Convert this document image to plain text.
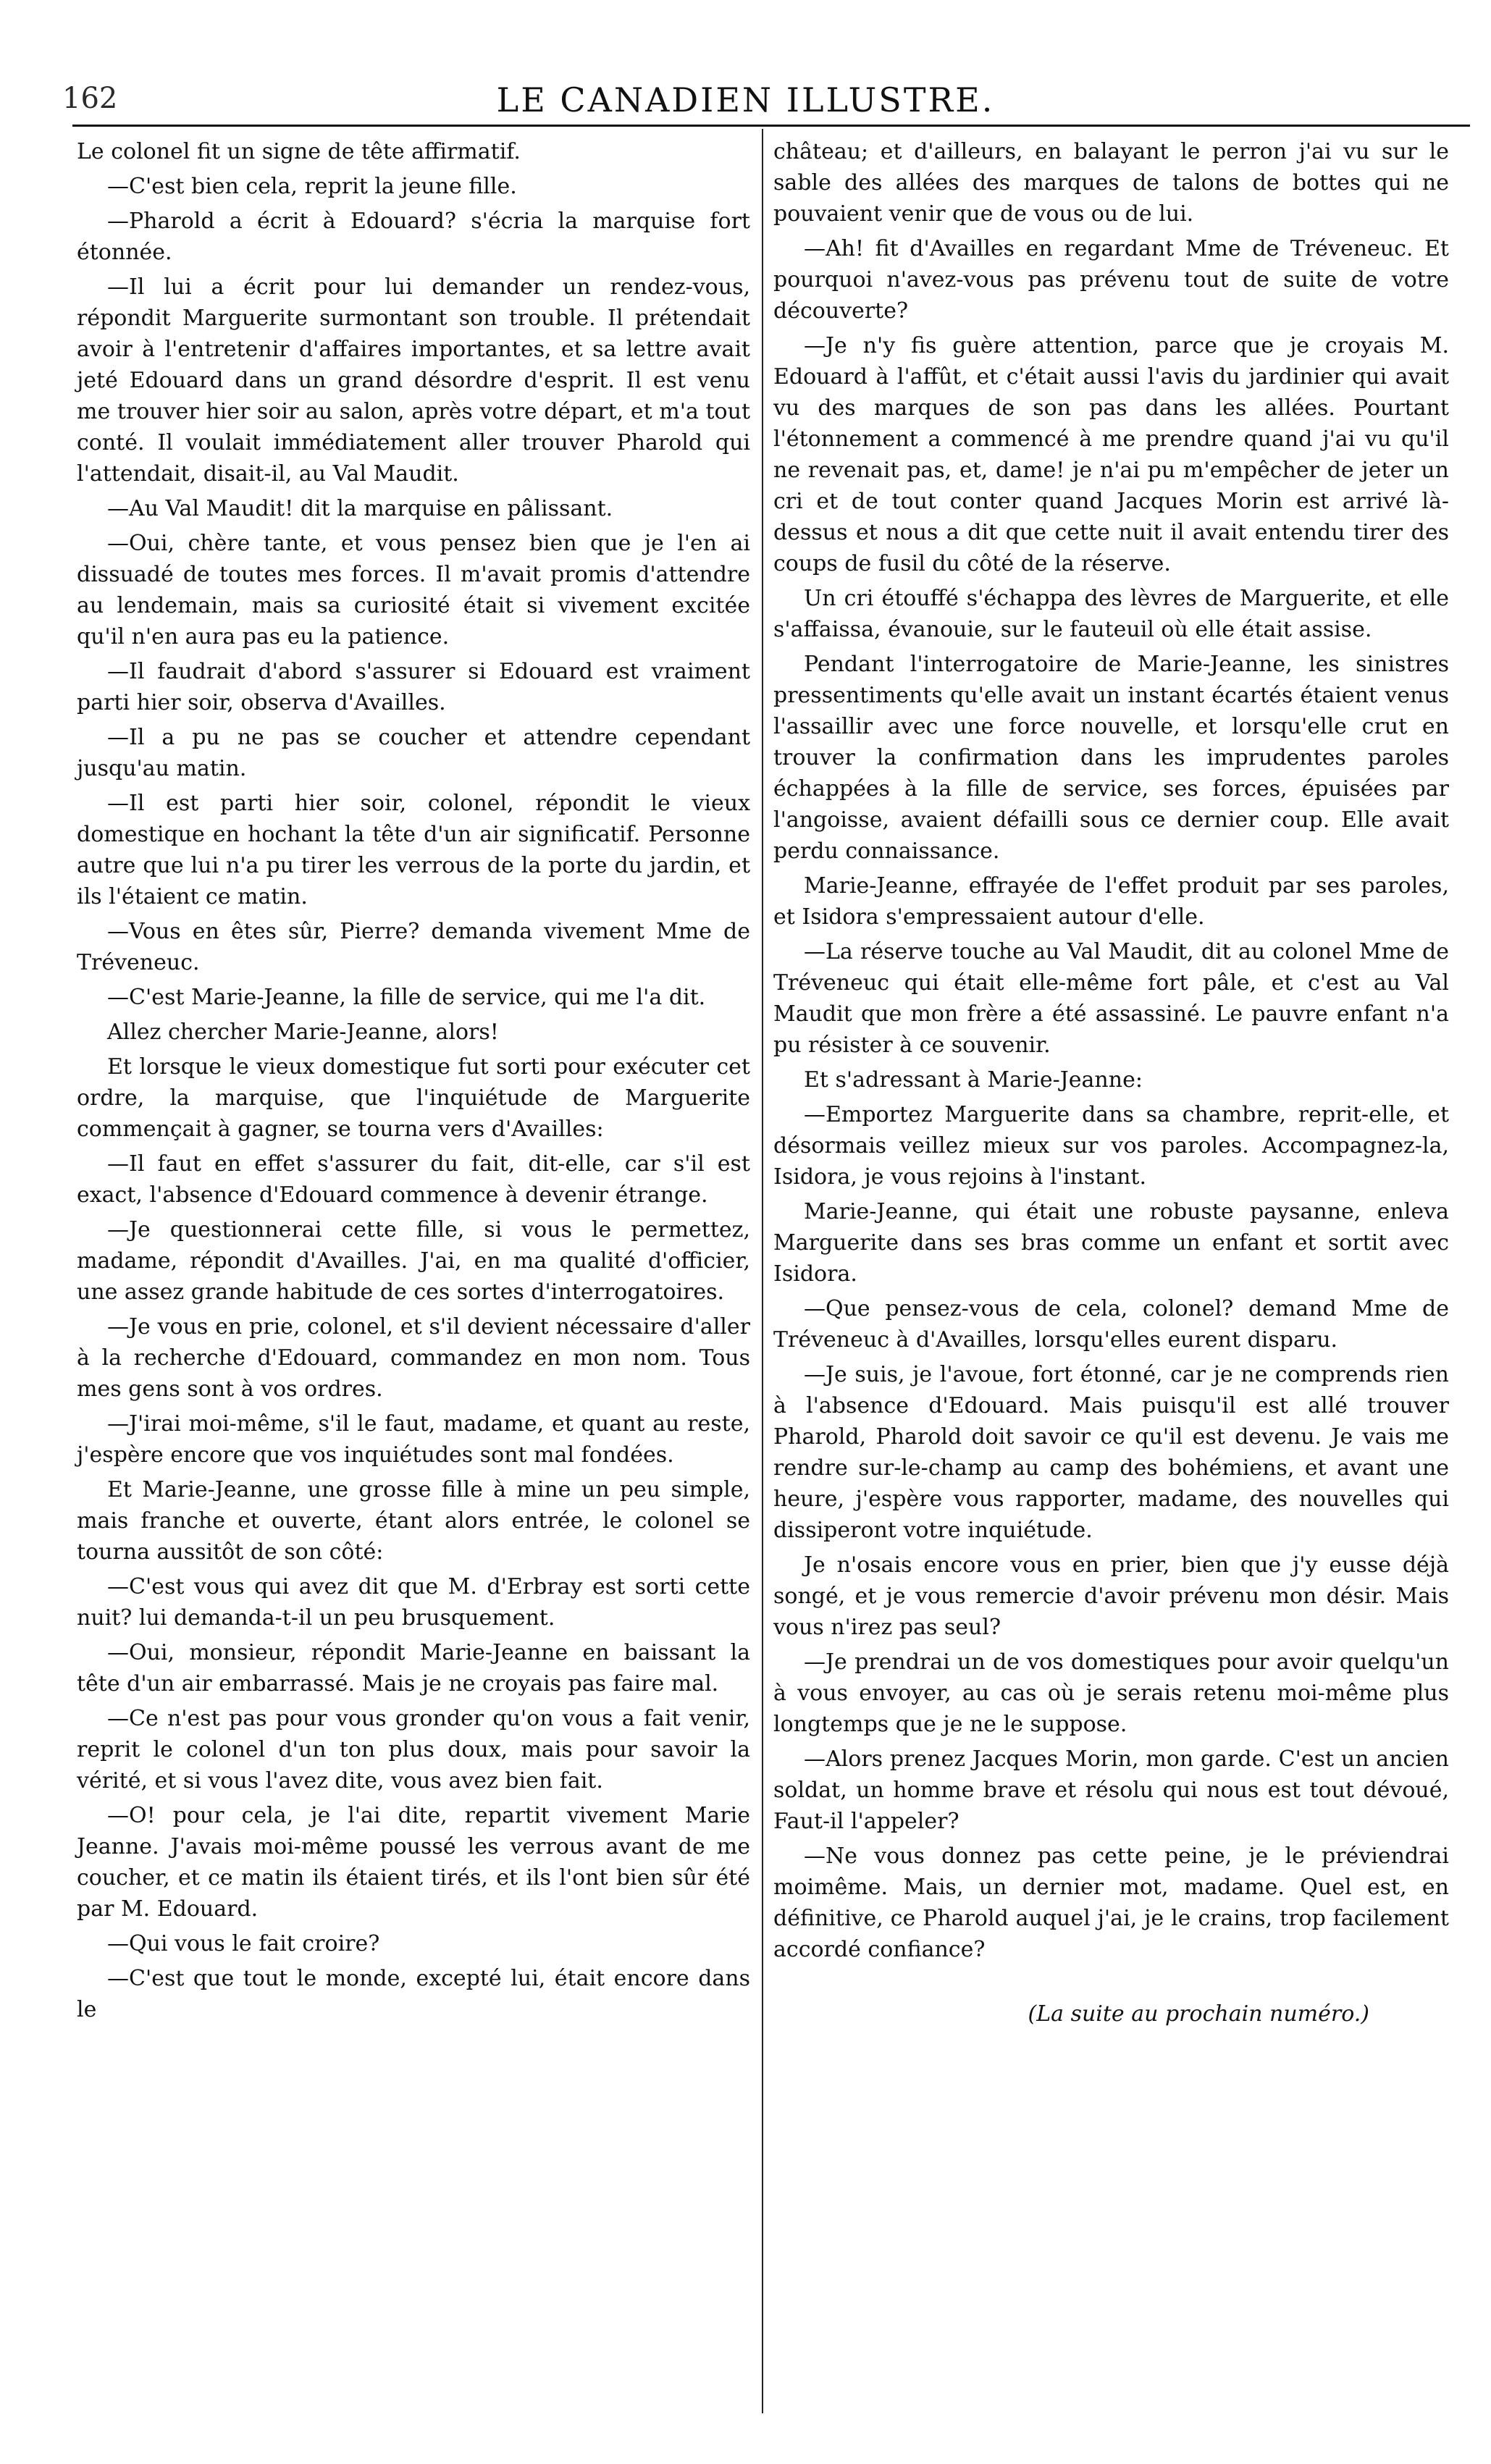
162	LE CANADIEN ILLUSTRE.

Le colonel fit un signe de tête affirmatif.

—C'est bien cela, reprit la jeune fille.

—Pharold a écrit à Edouard? s'écria la marquise fort étonnée.

—Il lui a écrit pour lui demander un rendez-vous, répondit Marguerite surmontant son trouble. Il prétendait avoir à l'entretenir d'affaires importantes, et sa lettre avait jeté Edouard dans un grand désordre d'esprit. Il est venu me trouver hier soir au salon, après votre départ, et m'a tout conté. Il voulait immédiatement aller trouver Pharold qui l'attendait, disait-il, au Val Maudit.

—Au Val Maudit! dit la marquise en pâlissant.

—Oui, chère tante, et vous pensez bien que je l'en ai dissuadé de toutes mes forces. Il m'avait promis d'attendre au lendemain, mais sa curiosité était si vivement excitée qu'il n'en aura pas eu la patience.

—Il faudrait d'abord s'assurer si Edouard est vraiment parti hier soir, observa d'Availles.

—Il a pu ne pas se coucher et attendre cependant jusqu'au matin.

—Il est parti hier soir, colonel, répondit le vieux domestique en hochant la tête d'un air significatif. Personne autre que lui n'a pu tirer les verrous de la porte du jardin, et ils l'étaient ce matin.

—Vous en êtes sûr, Pierre? demanda vivement Mme de Tréveneuc.

—C'est Marie-Jeanne, la fille de service, qui me l'a dit.

Allez chercher Marie-Jeanne, alors!

Et lorsque le vieux domestique fut sorti pour exécuter cet ordre, la marquise, que l'inquiétude de Marguerite commençait à gagner, se tourna vers d'Availles:

—Il faut en effet s'assurer du fait, dit-elle, car s'il est exact, l'absence d'Edouard commence à devenir étrange.

—Je questionnerai cette fille, si vous le permettez, madame, répondit d'Availles. J'ai, en ma qualité d'officier, une assez grande habitude de ces sortes d'interrogatoires.

—Je vous en prie, colonel, et s'il devient nécessaire d'aller à la recherche d'Edouard, commandez en mon nom. Tous mes gens sont à vos ordres.

—J'irai moi-même, s'il le faut, madame, et quant au reste, j'espère encore que vos inquiétudes sont mal fondées.

Et Marie-Jeanne, une grosse fille à mine un peu simple, mais franche et ouverte, étant alors entrée, le colonel se tourna aussitôt de son côté:

—C'est vous qui avez dit que M. d'Erbray est sorti cette nuit? lui demanda-t-il un peu brusquement.

—Oui, monsieur, répondit Marie-Jeanne en baissant la tête d'un air embarrassé. Mais je ne croyais pas faire mal.

—Ce n'est pas pour vous gronder qu'on vous a fait venir, reprit le colonel d'un ton plus doux, mais pour savoir la vérité, et si vous l'avez dite, vous avez bien fait.

—O! pour cela, je l'ai dite, repartit vivement Marie Jeanne. J'avais moi-même poussé les verrous avant de me coucher, et ce matin ils étaient tirés, et ils l'ont bien sûr été par M. Edouard.

—Qui vous le fait croire?

—C'est que tout le monde, excepté lui, était encore dans le

château; et d'ailleurs, en balayant le perron j'ai vu sur le sable des allées des marques de talons de bottes qui ne pouvaient venir que de vous ou de lui.

—Ah! fit d'Availles en regardant Mme de Tréveneuc. Et pourquoi n'avez-vous pas prévenu tout de suite de votre découverte?

—Je n'y fis guère attention, parce que je croyais M. Edouard à l'affût, et c'était aussi l'avis du jardinier qui avait vu des marques de son pas dans les allées. Pourtant l'étonnement a commencé à me prendre quand j'ai vu qu'il ne revenait pas, et, dame! je n'ai pu m'empêcher de jeter un cri et de tout conter quand Jacques Morin est arrivé là-dessus et nous a dit que cette nuit il avait entendu tirer des coups de fusil du côté de la réserve.

Un cri étouffé s'échappa des lèvres de Marguerite, et elle s'affaissa, évanouie, sur le fauteuil où elle était assise.

Pendant l'interrogatoire de Marie-Jeanne, les sinistres pressentiments qu'elle avait un instant écartés étaient venus l'assaillir avec une force nouvelle, et lorsqu'elle crut en trouver la confirmation dans les imprudentes paroles échappées à la fille de service, ses forces, épuisées par l'angoisse, avaient défailli sous ce dernier coup. Elle avait perdu connaissance.

Marie-Jeanne, effrayée de l'effet produit par ses paroles, et Isidora s'empressaient autour d'elle.

—La réserve touche au Val Maudit, dit au colonel Mme de Tréveneuc qui était elle-même fort pâle, et c'est au Val Maudit que mon frère a été assassiné. Le pauvre enfant n'a pu résister à ce souvenir.

Et s'adressant à Marie-Jeanne:

—Emportez Marguerite dans sa chambre, reprit-elle, et désormais veillez mieux sur vos paroles. Accompagnez-la, Isidora, je vous rejoins à l'instant.

Marie-Jeanne, qui était une robuste paysanne, enleva Marguerite dans ses bras comme un enfant et sortit avec Isidora.

—Que pensez-vous de cela, colonel? demand Mme de Tréveneuc à d'Availles, lorsqu'elles eurent disparu.

—Je suis, je l'avoue, fort étonné, car je ne comprends rien à l'absence d'Edouard. Mais puisqu'il est allé trouver Pharold, Pharold doit savoir ce qu'il est devenu. Je vais me rendre sur-le-champ au camp des bohémiens, et avant une heure, j'espère vous rapporter, madame, des nouvelles qui dissiperont votre inquiétude.

Je n'osais encore vous en prier, bien que j'y eusse déjà songé, et je vous remercie d'avoir prévenu mon désir. Mais vous n'irez pas seul?

—Je prendrai un de vos domestiques pour avoir quelqu'un à vous envoyer, au cas où je serais retenu moi-même plus longtemps que je ne le suppose.

—Alors prenez Jacques Morin, mon garde. C'est un ancien soldat, un homme brave et résolu qui nous est tout dévoué, Faut-il l'appeler?

—Ne vous donnez pas cette peine, je le préviendrai moimême. Mais, un dernier mot, madame. Quel est, en définitive, ce Pharold auquel j'ai, je le crains, trop facilement accordé confiance?

(La suite au prochain numéro.)
